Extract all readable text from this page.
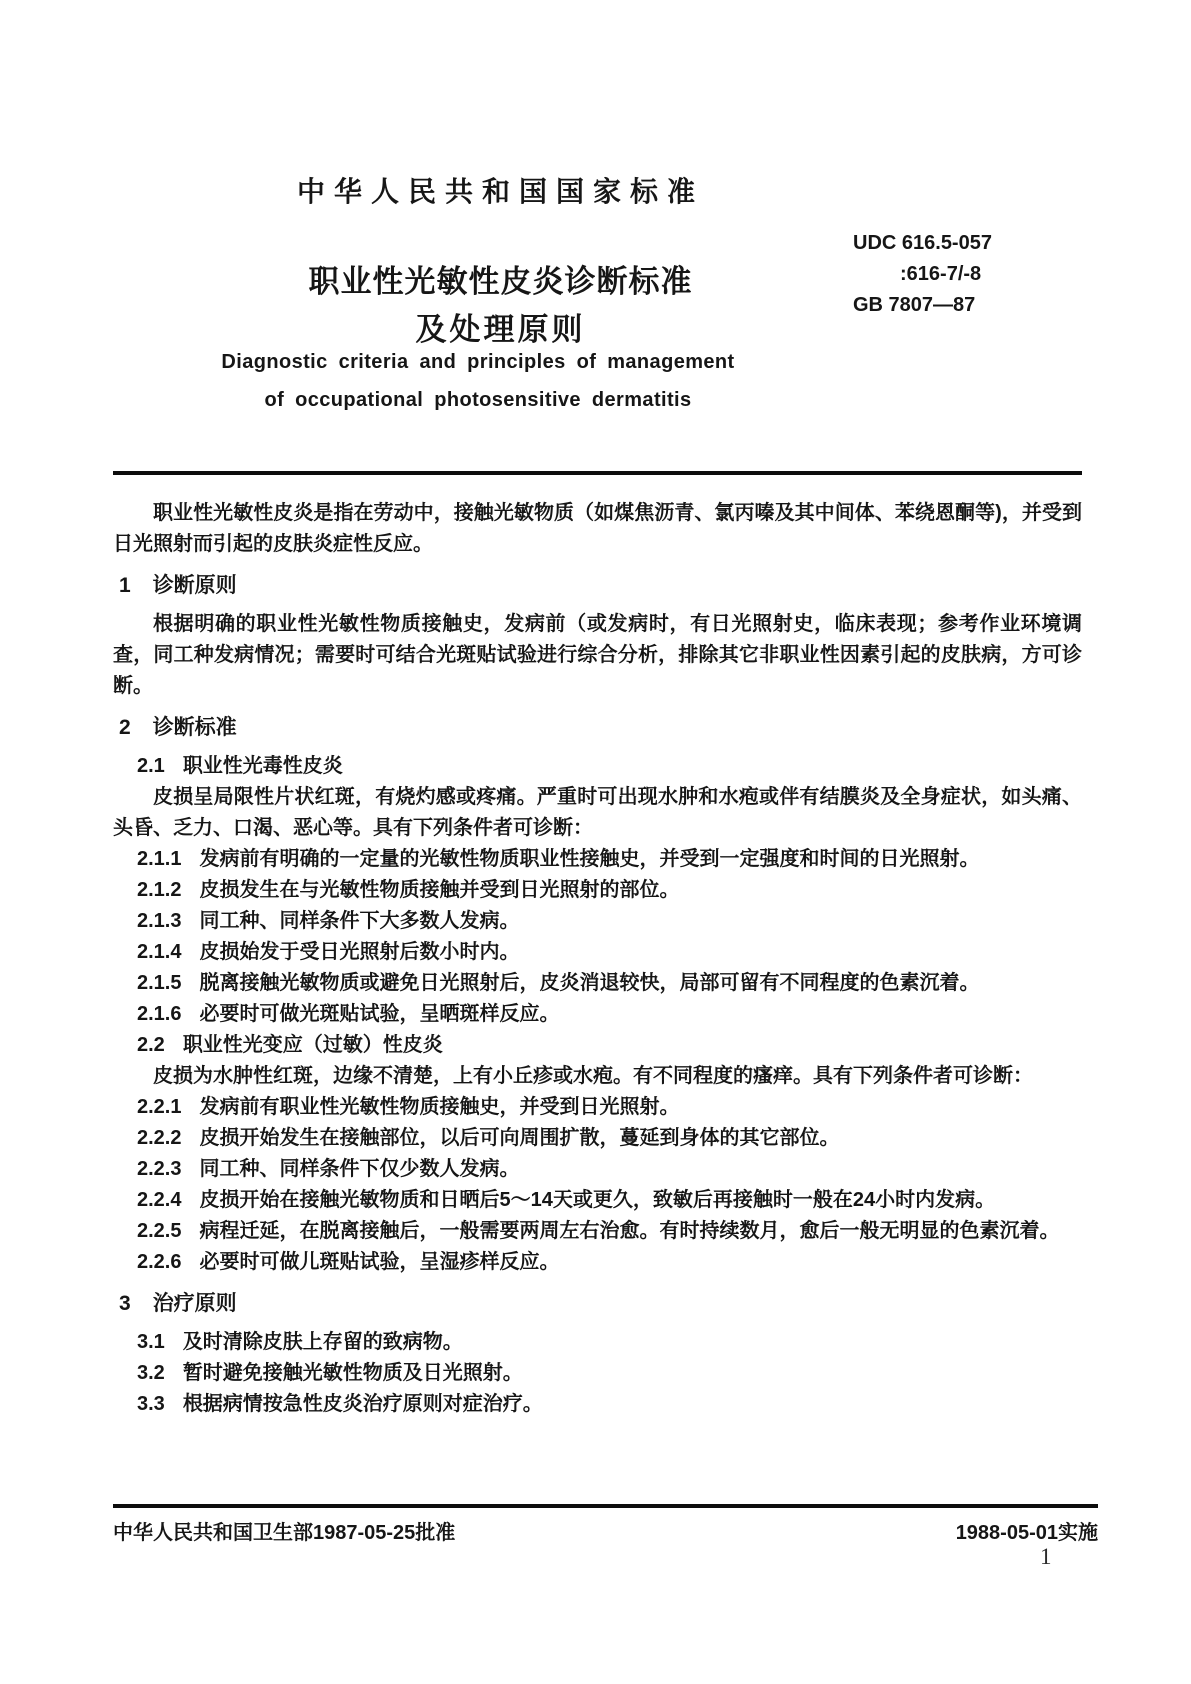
中华人民共和国国家标准
UDC 616.5-057
:616-7/-8
GB 7807—87
职业性光敏性皮炎诊断标准
及处理原则
Diagnostic criteria and principles of management
of occupational photosensitive dermatitis

职业性光敏性皮炎是指在劳动中，接触光敏物质（如煤焦沥青、氯丙嗪及其中间体、苯绕恩酮等)，并受到日光照射而引起的皮肤炎症性反应。

1 诊断原则

根据明确的职业性光敏性物质接触史，发病前（或发病时，有日光照射史，临床表现；参考作业环境调查，同工种发病情况；需要时可结合光斑贴试验进行综合分析，排除其它非职业性因素引起的皮肤病，方可诊断。

2 诊断标准

2.1 职业性光毒性皮炎

皮损呈局限性片状红斑，有烧灼感或疼痛。严重时可出现水肿和水疱或伴有结膜炎及全身症状，如头痛、头昏、乏力、口渴、恶心等。具有下列条件者可诊断：

2.1.1 发病前有明确的一定量的光敏性物质职业性接触史，并受到一定强度和时间的日光照射。

2.1.2 皮损发生在与光敏性物质接触并受到日光照射的部位。

2.1.3 同工种、同样条件下大多数人发病。

2.1.4 皮损始发于受日光照射后数小时内。

2.1.5 脱离接触光敏物质或避免日光照射后，皮炎消退较快，局部可留有不同程度的色素沉着。

2.1.6 必要时可做光斑贴试验，呈晒斑样反应。

2.2 职业性光变应（过敏）性皮炎

皮损为水肿性红斑，边缘不清楚，上有小丘疹或水疱。有不同程度的瘙痒。具有下列条件者可诊断：

2.2.1 发病前有职业性光敏性物质接触史，并受到日光照射。

2.2.2 皮损开始发生在接触部位，以后可向周围扩散，蔓延到身体的其它部位。

2.2.3 同工种、同样条件下仅少数人发病。

2.2.4 皮损开始在接触光敏物质和日晒后5～14天或更久，致敏后再接触时一般在24小时内发病。

2.2.5 病程迁延，在脱离接触后，一般需要两周左右治愈。有时持续数月，愈后一般无明显的色素沉着。

2.2.6 必要时可做儿斑贴试验，呈湿疹样反应。

3 治疗原则

3.1 及时清除皮肤上存留的致病物。

3.2 暂时避免接触光敏性物质及日光照射。

3.3 根据病情按急性皮炎治疗原则对症治疗。

中华人民共和国卫生部1987-05-25批准	1988-05-01实施
1
